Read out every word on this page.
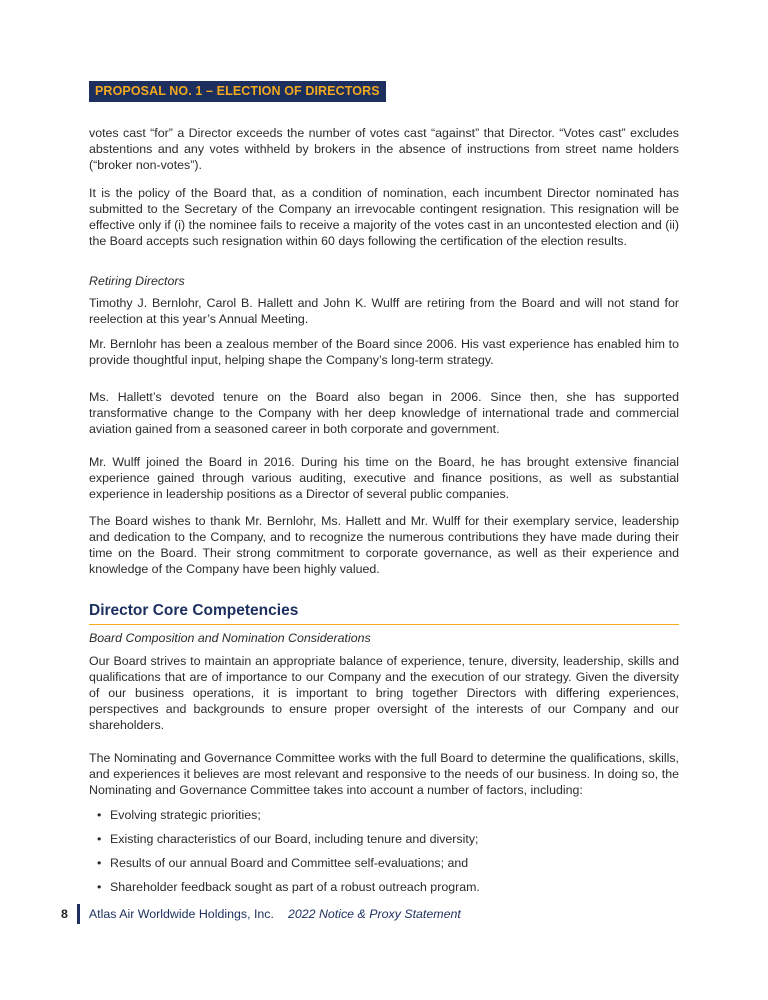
PROPOSAL NO. 1 – ELECTION OF DIRECTORS

votes cast “for” a Director exceeds the number of votes cast “against” that Director. “Votes cast” excludes abstentions and any votes withheld by brokers in the absence of instructions from street name holders (“broker non-votes”).

It is the policy of the Board that, as a condition of nomination, each incumbent Director nominated has submitted to the Secretary of the Company an irrevocable contingent resignation. This resignation will be effective only if (i) the nominee fails to receive a majority of the votes cast in an uncontested election and (ii) the Board accepts such resignation within 60 days following the certification of the election results.

Retiring Directors

Timothy J. Bernlohr, Carol B. Hallett and John K. Wulff are retiring from the Board and will not stand for reelection at this year’s Annual Meeting.

Mr. Bernlohr has been a zealous member of the Board since 2006. His vast experience has enabled him to provide thoughtful input, helping shape the Company’s long-term strategy.

Ms. Hallett’s devoted tenure on the Board also began in 2006. Since then, she has supported transformative change to the Company with her deep knowledge of international trade and commercial aviation gained from a seasoned career in both corporate and government.

Mr. Wulff joined the Board in 2016. During his time on the Board, he has brought extensive financial experience gained through various auditing, executive and finance positions, as well as substantial experience in leadership positions as a Director of several public companies.

The Board wishes to thank Mr. Bernlohr, Ms. Hallett and Mr. Wulff for their exemplary service, leadership and dedication to the Company, and to recognize the numerous contributions they have made during their time on the Board. Their strong commitment to corporate governance, as well as their experience and knowledge of the Company have been highly valued.

Director Core Competencies

Board Composition and Nomination Considerations

Our Board strives to maintain an appropriate balance of experience, tenure, diversity, leadership, skills and qualifications that are of importance to our Company and the execution of our strategy. Given the diversity of our business operations, it is important to bring together Directors with differing experiences, perspectives and backgrounds to ensure proper oversight of the interests of our Company and our shareholders.

The Nominating and Governance Committee works with the full Board to determine the qualifications, skills, and experiences it believes are most relevant and responsive to the needs of our business. In doing so, the Nominating and Governance Committee takes into account a number of factors, including:

• Evolving strategic priorities;
• Existing characteristics of our Board, including tenure and diversity;
• Results of our annual Board and Committee self-evaluations; and
• Shareholder feedback sought as part of a robust outreach program.
8 Atlas Air Worldwide Holdings, Inc. 2022 Notice & Proxy Statement
